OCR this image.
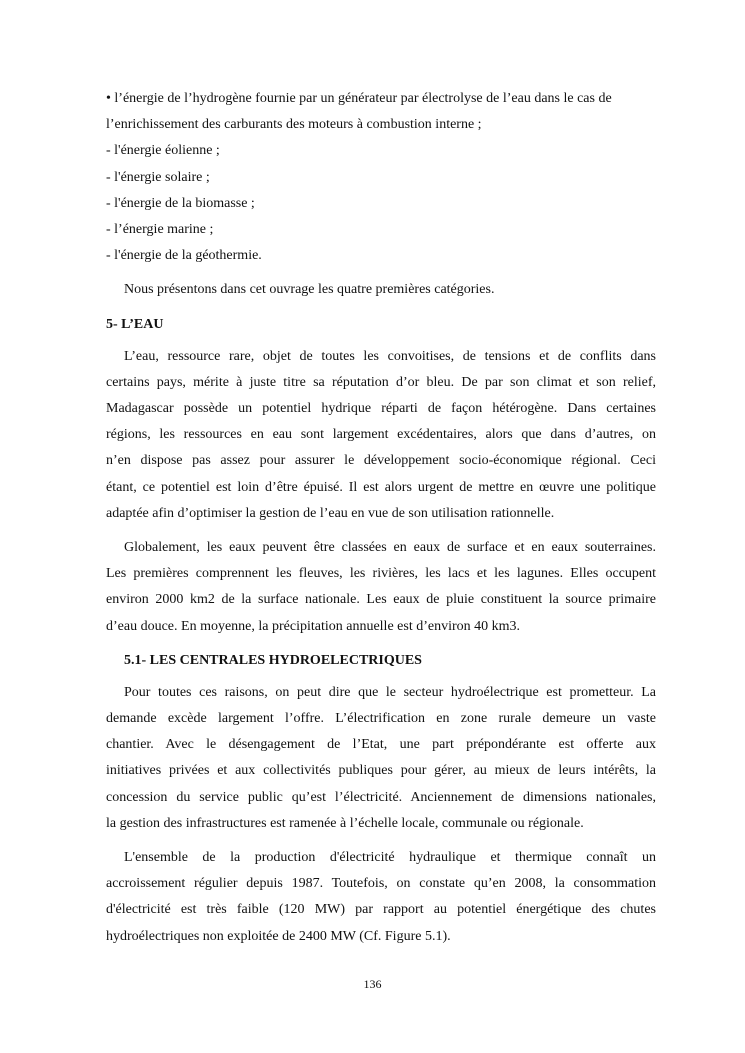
• l’énergie de l’hydrogène fournie par un générateur par électrolyse de l’eau dans le cas de
l’enrichissement des carburants des moteurs à combustion interne ;
- l'énergie éolienne ;
- l'énergie solaire ;
- l'énergie de la biomasse ;
- l’énergie marine ;
- l'énergie de la géothermie.
Nous présentons dans cet ouvrage les quatre premières catégories.
5- L’EAU
L’eau, ressource rare, objet de toutes les convoitises, de tensions et de conflits dans
certains pays, mérite à juste titre sa réputation d’or bleu. De par son climat et son relief,
Madagascar possède un potentiel hydrique réparti de façon hétérogène. Dans certaines
régions, les ressources en eau sont largement excédentaires, alors que dans d’autres, on
n’en dispose pas assez pour assurer le développement socio-économique régional. Ceci
étant, ce potentiel est loin d’être épuisé. Il est alors urgent de mettre en œuvre une politique
adaptée afin d’optimiser la gestion de l’eau en vue de son utilisation rationnelle.
Globalement, les eaux peuvent être classées en eaux de surface et en eaux souterraines.
Les premières comprennent les fleuves, les rivières, les lacs et les lagunes. Elles occupent
environ 2000 km2 de la surface nationale. Les eaux de pluie constituent la source primaire
d’eau douce. En moyenne, la précipitation annuelle est d’environ 40 km3.
5.1- LES CENTRALES HYDROELECTRIQUES
Pour toutes ces raisons, on peut dire que le secteur hydroélectrique est prometteur. La
demande excède largement l’offre. L’électrification en zone rurale demeure un vaste
chantier. Avec le désengagement de l’Etat, une part prépondérante est offerte aux
initiatives privées et aux collectivités publiques pour gérer, au mieux de leurs intérêts, la
concession du service public qu’est l’électricité. Anciennement de dimensions nationales,
la gestion des infrastructures est ramenée à l’échelle locale, communale ou régionale.
L'ensemble de la production d'électricité hydraulique et thermique connaît un
accroissement régulier depuis 1987. Toutefois, on constate qu’en 2008, la consommation
d'électricité est très faible (120 MW) par rapport au potentiel énergétique des chutes
hydroélectriques non exploitée de 2400 MW (Cf. Figure 5.1).
136
